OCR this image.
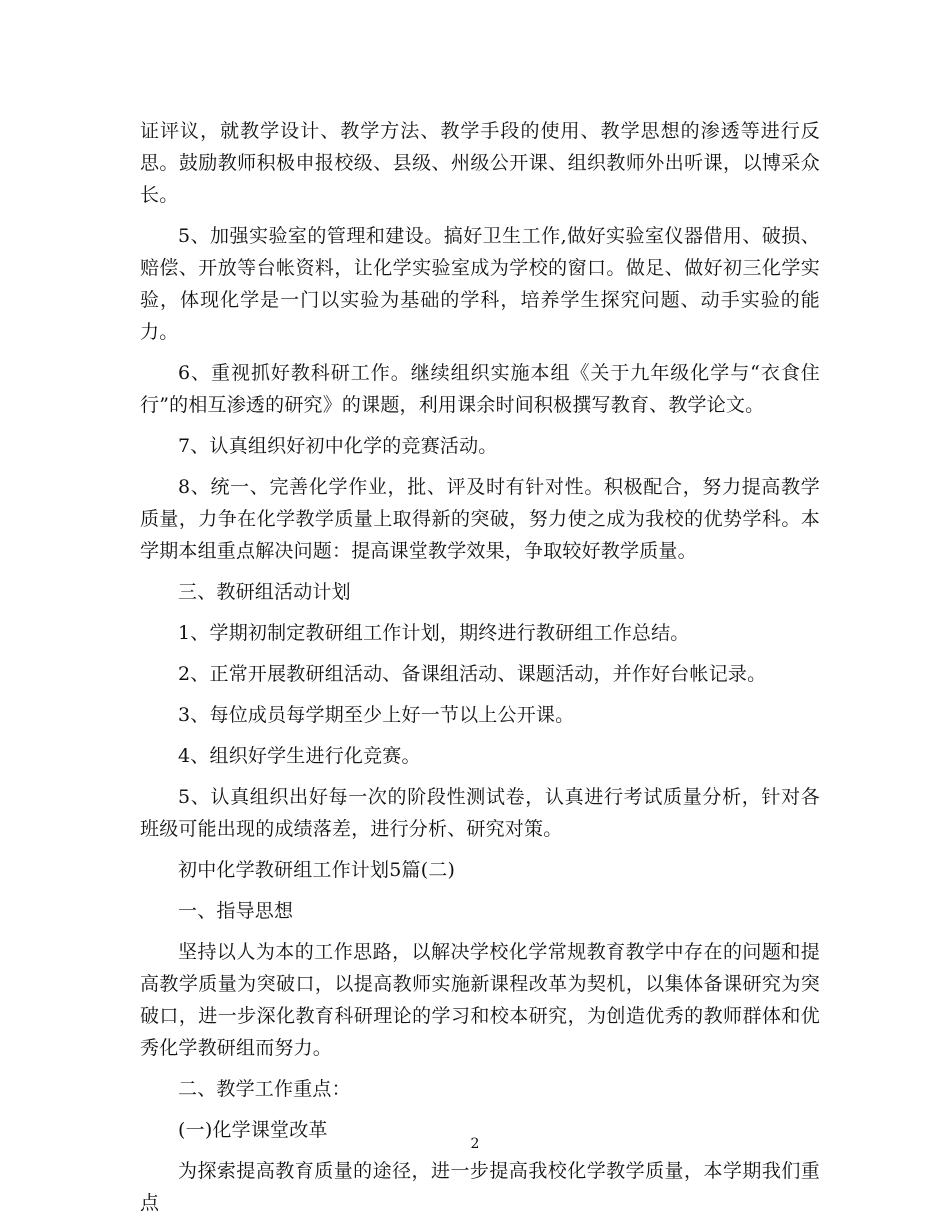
证评议，就教学设计、教学方法、教学手段的使用、教学思想的渗透等进行反思。鼓励教师积极申报校级、县级、州级公开课、组织教师外出听课，以博采众长。

5、加强实验室的管理和建设。搞好卫生工作,做好实验室仪器借用、破损、赔偿、开放等台帐资料，让化学实验室成为学校的窗口。做足、做好初三化学实验，体现化学是一门以实验为基础的学科，培养学生探究问题、动手实验的能力。

6、重视抓好教科研工作。继续组织实施本组《关于九年级化学与“衣食住行”的相互渗透的研究》的课题，利用课余时间积极撰写教育、教学论文。

7、认真组织好初中化学的竞赛活动。

8、统一、完善化学作业，批、评及时有针对性。积极配合，努力提高教学质量，力争在化学教学质量上取得新的突破，努力使之成为我校的优势学科。本学期本组重点解决问题：提高课堂教学效果，争取较好教学质量。

三、教研组活动计划

1、学期初制定教研组工作计划，期终进行教研组工作总结。

2、正常开展教研组活动、备课组活动、课题活动，并作好台帐记录。

3、每位成员每学期至少上好一节以上公开课。

4、组织好学生进行化竞赛。

5、认真组织出好每一次的阶段性测试卷，认真进行考试质量分析，针对各班级可能出现的成绩落差，进行分析、研究对策。

初中化学教研组工作计划5篇(二)

一、指导思想

坚持以人为本的工作思路，以解决学校化学常规教育教学中存在的问题和提高教学质量为突破口，以提高教师实施新课程改革为契机，以集体备课研究为突破口，进一步深化教育科研理论的学习和校本研究，为创造优秀的教师群体和优秀化学教研组而努力。

二、教学工作重点：

(一)化学课堂改革

为探索提高教育质量的途径，进一步提高我校化学教学质量，本学期我们重点

2
